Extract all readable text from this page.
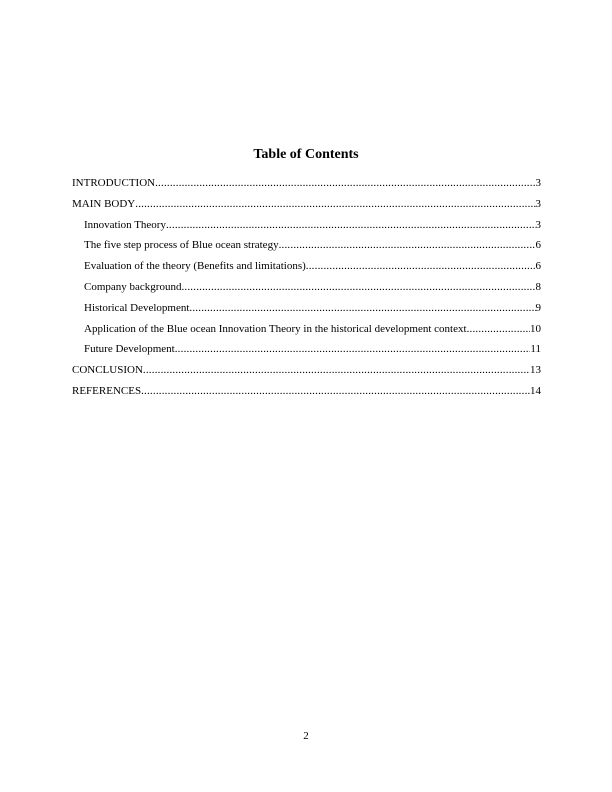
Table of Contents
INTRODUCTION .....	3
MAIN BODY .....	3
Innovation Theory .....	3
The five step process of Blue ocean strategy .....	6
Evaluation of the theory (Benefits and limitations) .....	6
Company background .....	8
Historical Development .....	9
Application of the Blue ocean Innovation Theory in the historical development context .....	10
Future Development .....	11
CONCLUSION .....	13
REFERENCES .....	14
2
